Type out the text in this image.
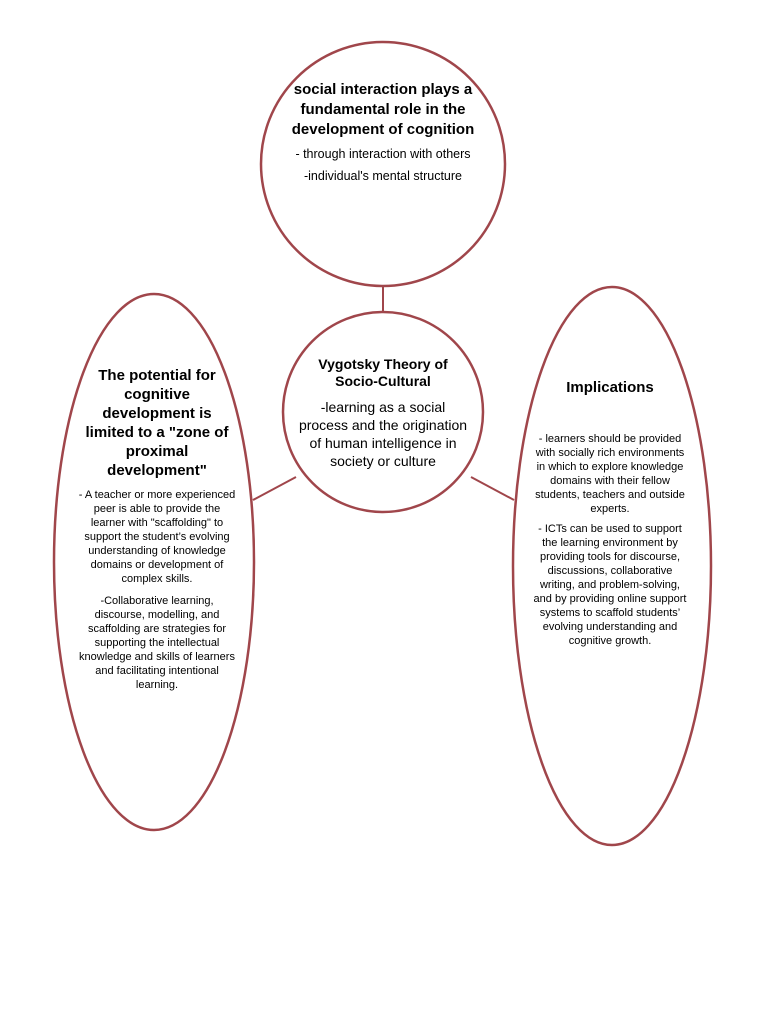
social interaction plays a fundamental role in the development of cognition
- through interaction with others
-individual's mental structure
Vygotsky Theory of Socio-Cultural
-learning as a social process and the origination of human intelligence in society or culture
The potential for cognitive development is limited to a "zone of proximal development"
- A teacher or more experienced peer is able to provide the learner with "scaffolding" to support the student’s evolving understanding of knowledge domains or development of complex skills.
-Collaborative learning, discourse, modelling, and scaffolding are strategies for supporting the intellectual knowledge and skills of learners and facilitating intentional learning.
Implications
- learners should be provided with socially rich environments in which to explore knowledge domains with their fellow students, teachers and outside experts.
- ICTs can be used to support the learning environment by providing tools for discourse, discussions, collaborative writing, and problem-solving, and by providing online support systems to scaffold students’ evolving understanding and cognitive growth.
